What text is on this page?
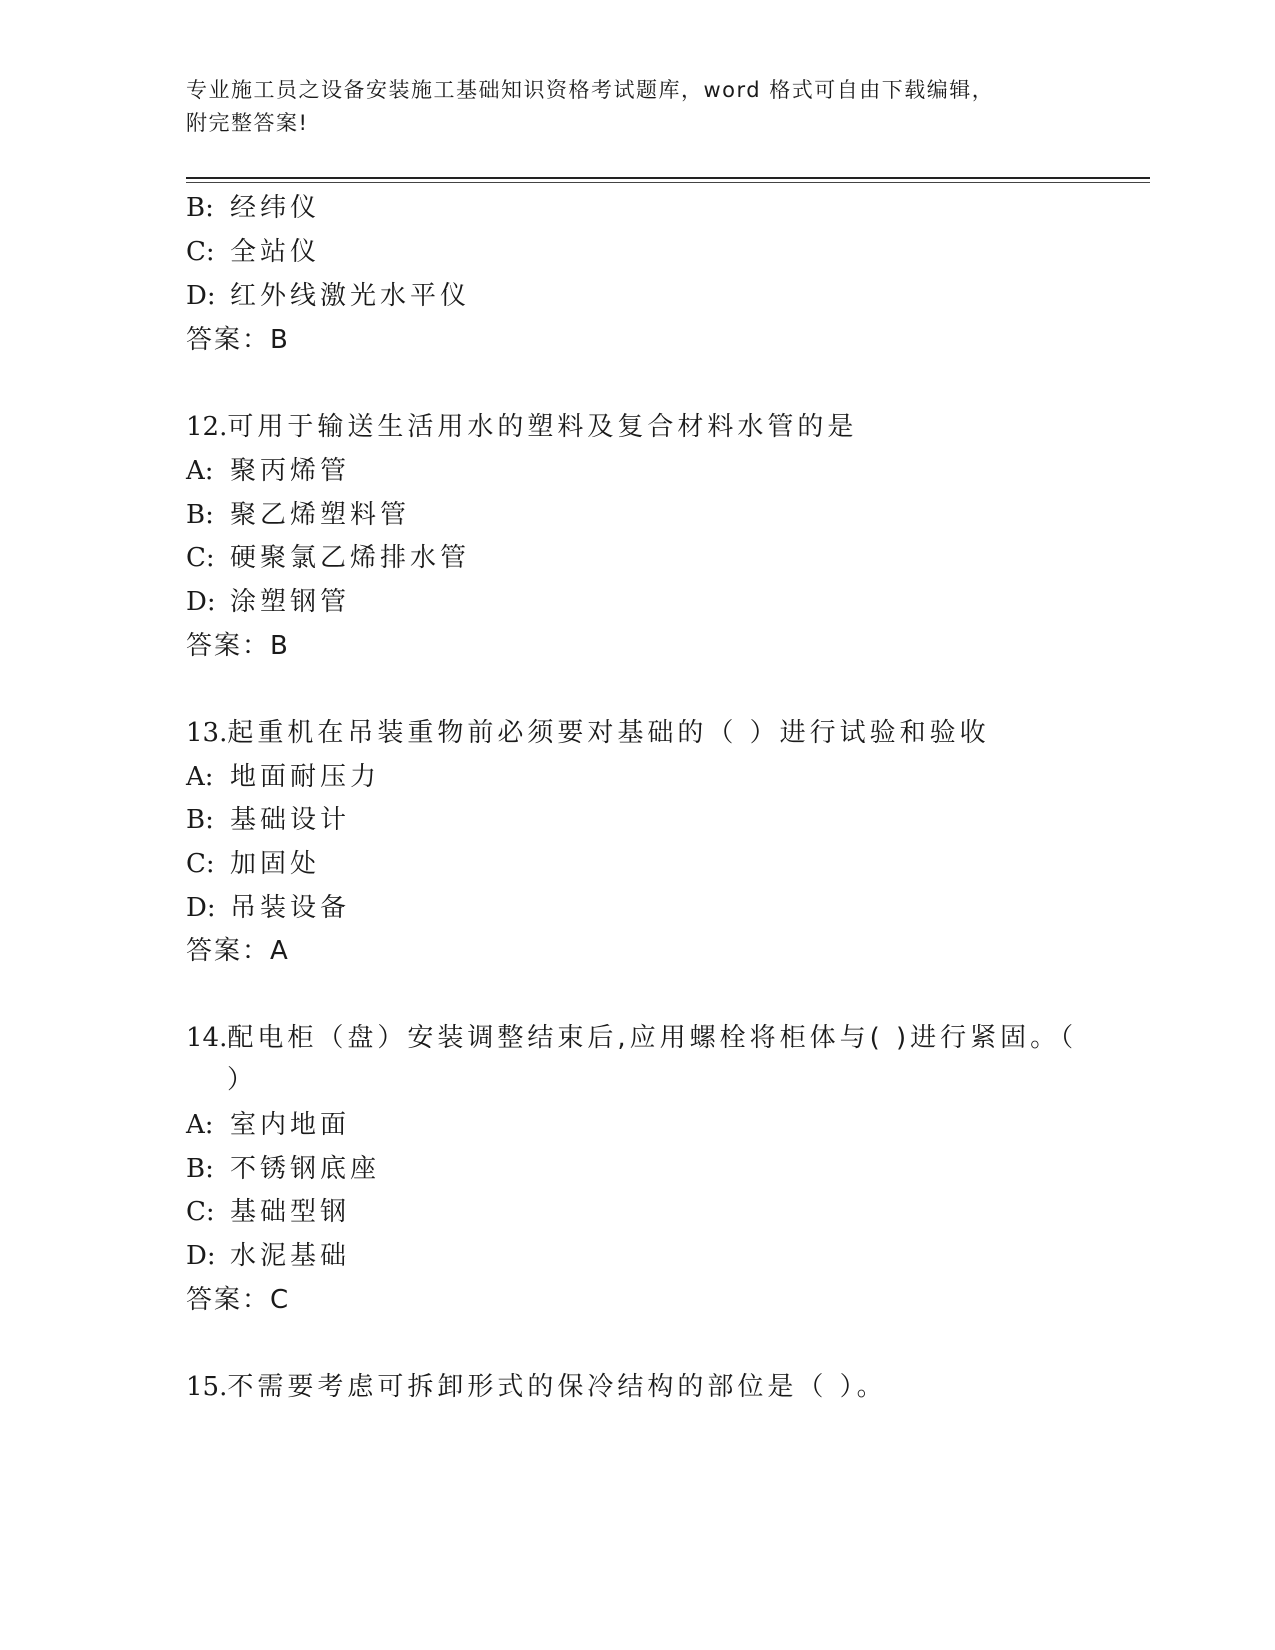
专业施工员之设备安装施工基础知识资格考试题库，word 格式可自由下载编辑，
附完整答案!
B: 经纬仪
C: 全站仪
D: 红外线激光水平仪
答案：B
12.可用于输送生活用水的塑料及复合材料水管的是
A: 聚丙烯管
B: 聚乙烯塑料管
C: 硬聚氯乙烯排水管
D: 涂塑钢管
答案：B
13.起重机在吊装重物前必须要对基础的（ ）进行试验和验收
A: 地面耐压力
B: 基础设计
C: 加固处
D: 吊装设备
答案：A
14.配电柜（盘）安装调整结束后,应用螺栓将柜体与( )进行紧固。（
）
A: 室内地面
B: 不锈钢底座
C: 基础型钢
D: 水泥基础
答案：C
15.不需要考虑可拆卸形式的保冷结构的部位是（ ）。
